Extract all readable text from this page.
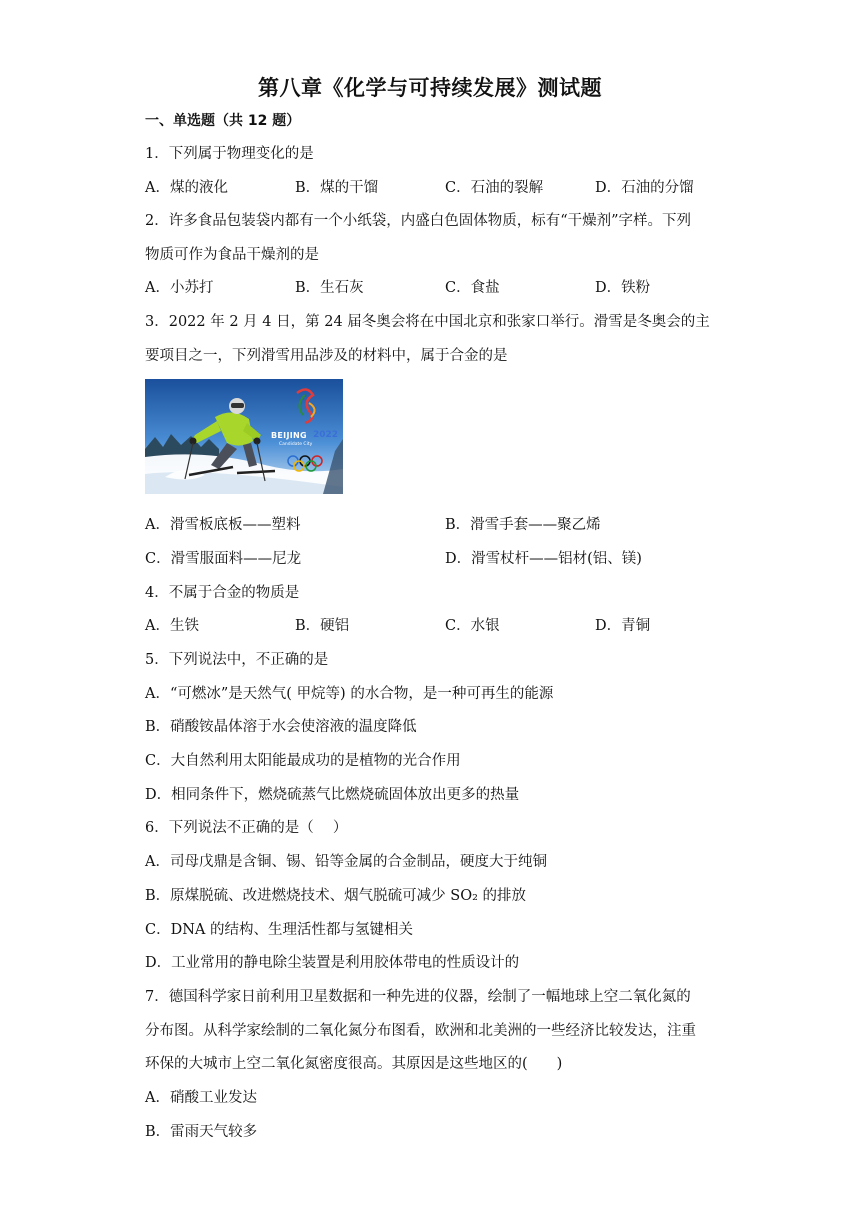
第八章《化学与可持续发展》测试题
一、单选题（共 12 题）
1．下列属于物理变化的是
A．煤的液化	B．煤的干馏	C．石油的裂解	D．石油的分馏
2．许多食品包装袋内都有一个小纸袋，内盛白色固体物质，标有“干燥剂”字样。下列
物质可作为食品干燥剂的是
A．小苏打	B．生石灰	C．食盐	D．铁粉
3．2022 年 2 月 4 日，第 24 届冬奥会将在中国北京和张家口举行。滑雪是冬奥会的主
要项目之一，下列滑雪用品涉及的材料中，属于合金的是
BEIJING 2022
Candidate City
A．滑雪板底板——塑料	B．滑雪手套——聚乙烯
C．滑雪服面料——尼龙	D．滑雪杖杆——铝材(铝、镁)
4．不属于合金的物质是
A．生铁	B．硬铝	C．水银	D．青铜
5．下列说法中，不正确的是
A．“可燃冰”是天然气( 甲烷等) 的水合物，是一种可再生的能源
B．硝酸铵晶体溶于水会使溶液的温度降低
C．大自然利用太阳能最成功的是植物的光合作用
D．相同条件下，燃烧硫蒸气比燃烧硫固体放出更多的热量
6．下列说法不正确的是（　 ）
A．司母戊鼎是含铜、锡、铅等金属的合金制品，硬度大于纯铜
B．原煤脱硫、改进燃烧技术、烟气脱硫可减少 SO₂ 的排放
C．DNA 的结构、生理活性都与氢键相关
D．工业常用的静电除尘装置是利用胶体带电的性质设计的
7．德国科学家日前利用卫星数据和一种先进的仪器，绘制了一幅地球上空二氧化氮的
分布图。从科学家绘制的二氧化氮分布图看，欧洲和北美洲的一些经济比较发达，注重
环保的大城市上空二氧化氮密度很高。其原因是这些地区的(　　)
A．硝酸工业发达
B．雷雨天气较多
